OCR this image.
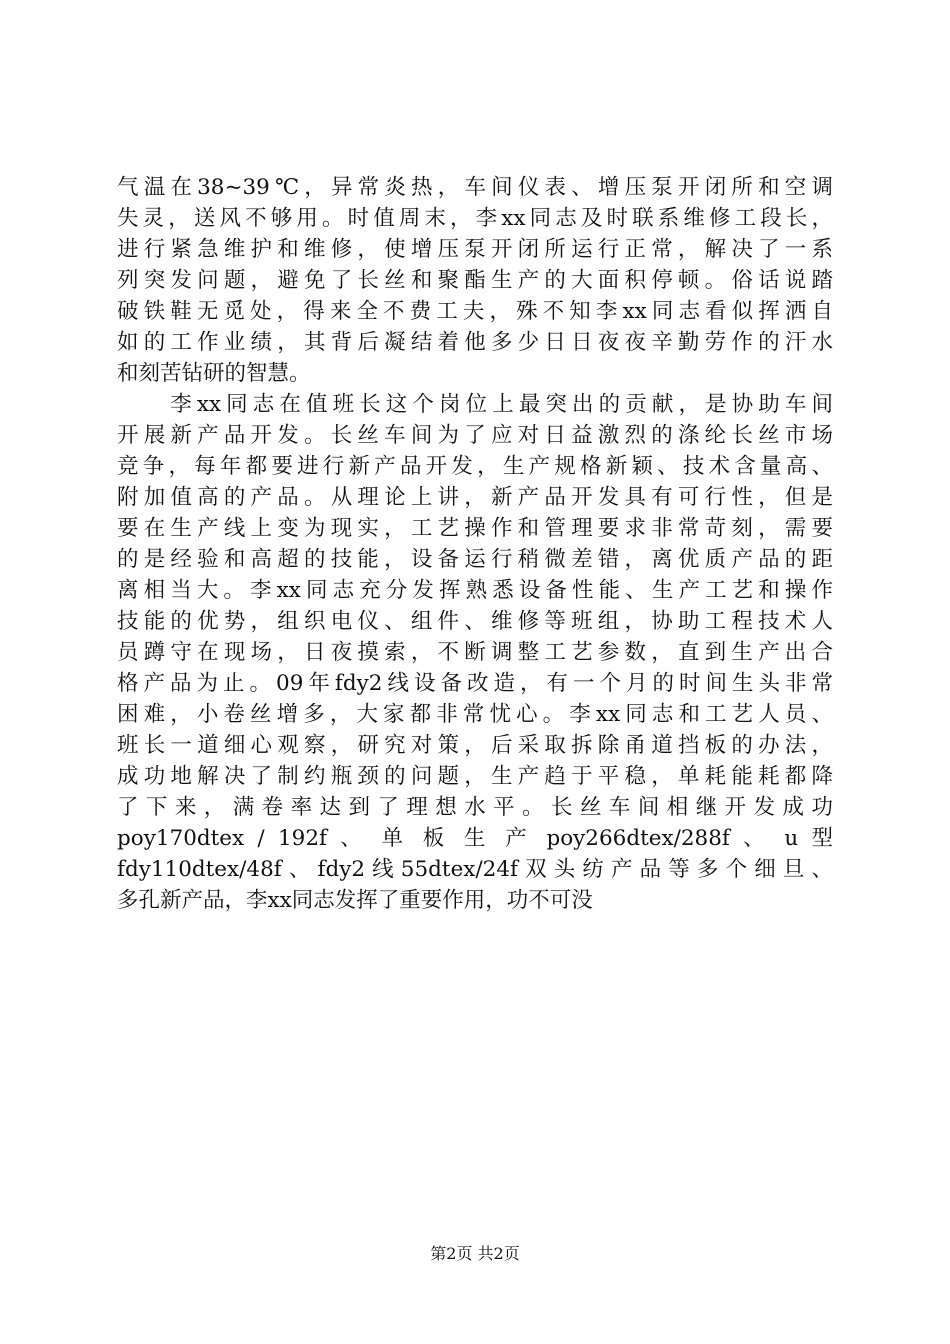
气温在38~39℃，异常炎热，车间仪表、增压泵开闭所和空调
失灵，送风不够用。时值周末，李xx同志及时联系维修工段长，
进行紧急维护和维修，使增压泵开闭所运行正常，解决了一系
列突发问题，避免了长丝和聚酯生产的大面积停顿。俗话说踏
破铁鞋无觅处，得来全不费工夫，殊不知李xx同志看似挥洒自
如的工作业绩，其背后凝结着他多少日日夜夜辛勤劳作的汗水
和刻苦钻研的智慧。
　　李xx同志在值班长这个岗位上最突出的贡献，是协助车间
开展新产品开发。长丝车间为了应对日益激烈的涤纶长丝市场
竞争，每年都要进行新产品开发，生产规格新颖、技术含量高、
附加值高的产品。从理论上讲，新产品开发具有可行性，但是
要在生产线上变为现实，工艺操作和管理要求非常苛刻，需要
的是经验和高超的技能，设备运行稍微差错，离优质产品的距
离相当大。李xx同志充分发挥熟悉设备性能、生产工艺和操作
技能的优势，组织电仪、组件、维修等班组，协助工程技术人
员蹲守在现场，日夜摸索，不断调整工艺参数，直到生产出合
格产品为止。09年fdy2线设备改造，有一个月的时间生头非常
困难，小卷丝增多，大家都非常忧心。李xx同志和工艺人员、
班长一道细心观察，研究对策，后采取拆除甬道挡板的办法，
成功地解决了制约瓶颈的问题，生产趋于平稳，单耗能耗都降
了下来，满卷率达到了理想水平。长丝车间相继开发成功
poy170dtex / 192f 、 单 板 生 产 poy266dtex/288f 、 u 型
fdy110dtex/48f、fdy2线55dtex/24f双头纺产品等多个细旦、
多孔新产品，李xx同志发挥了重要作用，功不可没
第2页 共2页
